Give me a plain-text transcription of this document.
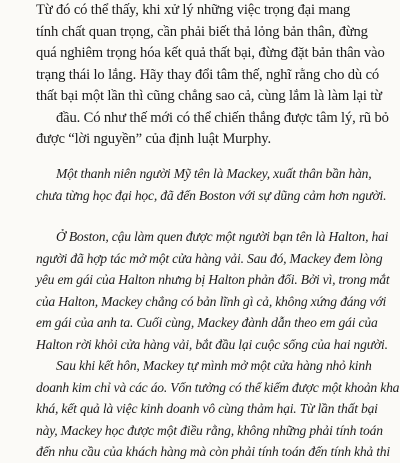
Từ đó có thể thấy, khi xử lý những việc trọng đại mang
tính chất quan trọng, cần phải biết thả lỏng bản thân, đừng
quá nghiêm trọng hóa kết quả thất bại, đừng đặt bản thân vào
trạng thái lo lắng. Hãy thay đổi tâm thế, nghĩ rằng cho dù có
thất bại một lần thì cũng chẳng sao cả, cùng lắm là làm lại từ
đầu. Có như thế mới có thể chiến thắng được tâm lý, rũ bỏ
được “lời nguyền” của định luật Murphy.
Một thanh niên người Mỹ tên là Mackey, xuất thân bần hàn,
chưa từng học đại học, đã đến Boston với sự dũng cảm hơn người.
Ở Boston, cậu làm quen được một người bạn tên là Halton, hai
người đã hợp tác mở một cửa hàng vải. Sau đó, Mackey đem lòng
yêu em gái của Halton nhưng bị Halton phản đối. Bởi vì, trong mắt
của Halton, Mackey chẳng có bản lĩnh gì cả, không xứng đáng với
em gái của anh ta. Cuối cùng, Mackey đành dẫn theo em gái của
Halton rời khỏi cửa hàng vải, bắt đầu lại cuộc sống của hai người.
Sau khi kết hôn, Mackey tự mình mở một cửa hàng nhỏ kinh
doanh kim chỉ và các áo. Vốn tưởng có thể kiếm được một khoản kha
khá, kết quả là việc kinh doanh vô cùng thảm hại. Từ lần thất bại
này, Mackey học được một điều rằng, không những phải tính toán
đến nhu cầu của khách hàng mà còn phải tính toán đến tính khả thi
